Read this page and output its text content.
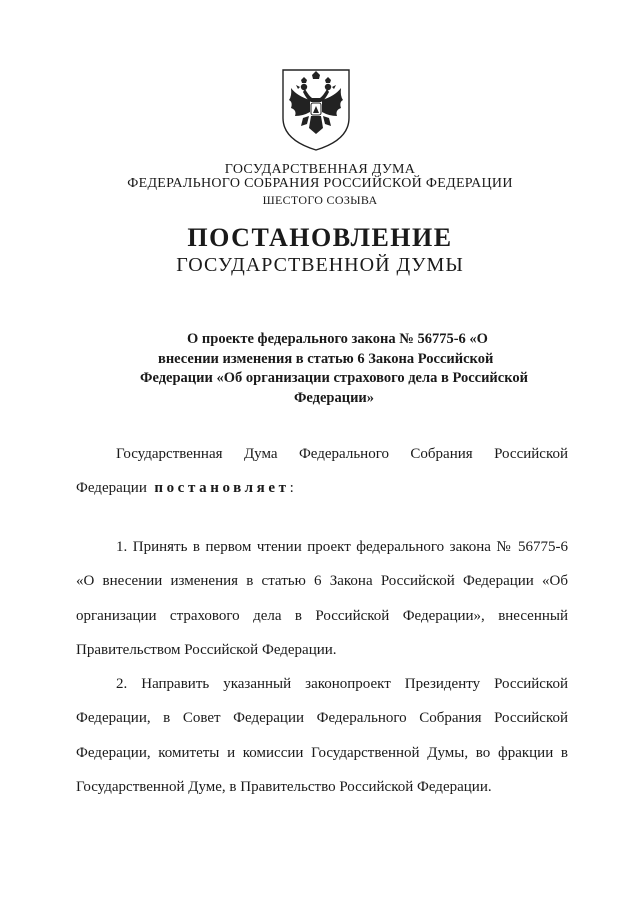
ГОСУДАРСТВЕННАЯ ДУМА
ФЕДЕРАЛЬНОГО СОБРАНИЯ РОССИЙСКОЙ ФЕДЕРАЦИИ
ШЕСТОГО СОЗЫВА
ПОСТАНОВЛЕНИЕ
ГОСУДАРСТВЕННОЙ ДУМЫ
О проекте федерального закона № 56775-6 «О
внесении изменения в статью 6 Закона Российской
Федерации «Об организации страхового дела в Российской
Федерации»
Государственная Дума Федерального Собрания Российской
Федерации постановляет:
1. Принять в первом чтении проект федерального закона № 56775-6
«О внесении изменения в статью 6 Закона Российской Федерации «Об
организации страхового дела в Российской Федерации», внесенный
Правительством Российской Федерации.
2. Направить указанный законопроект Президенту Российской
Федерации, в Совет Федерации Федерального Собрания Российской
Федерации, комитеты и комиссии Государственной Думы, во фракции в
Государственной Думе, в Правительство Российской Федерации.
